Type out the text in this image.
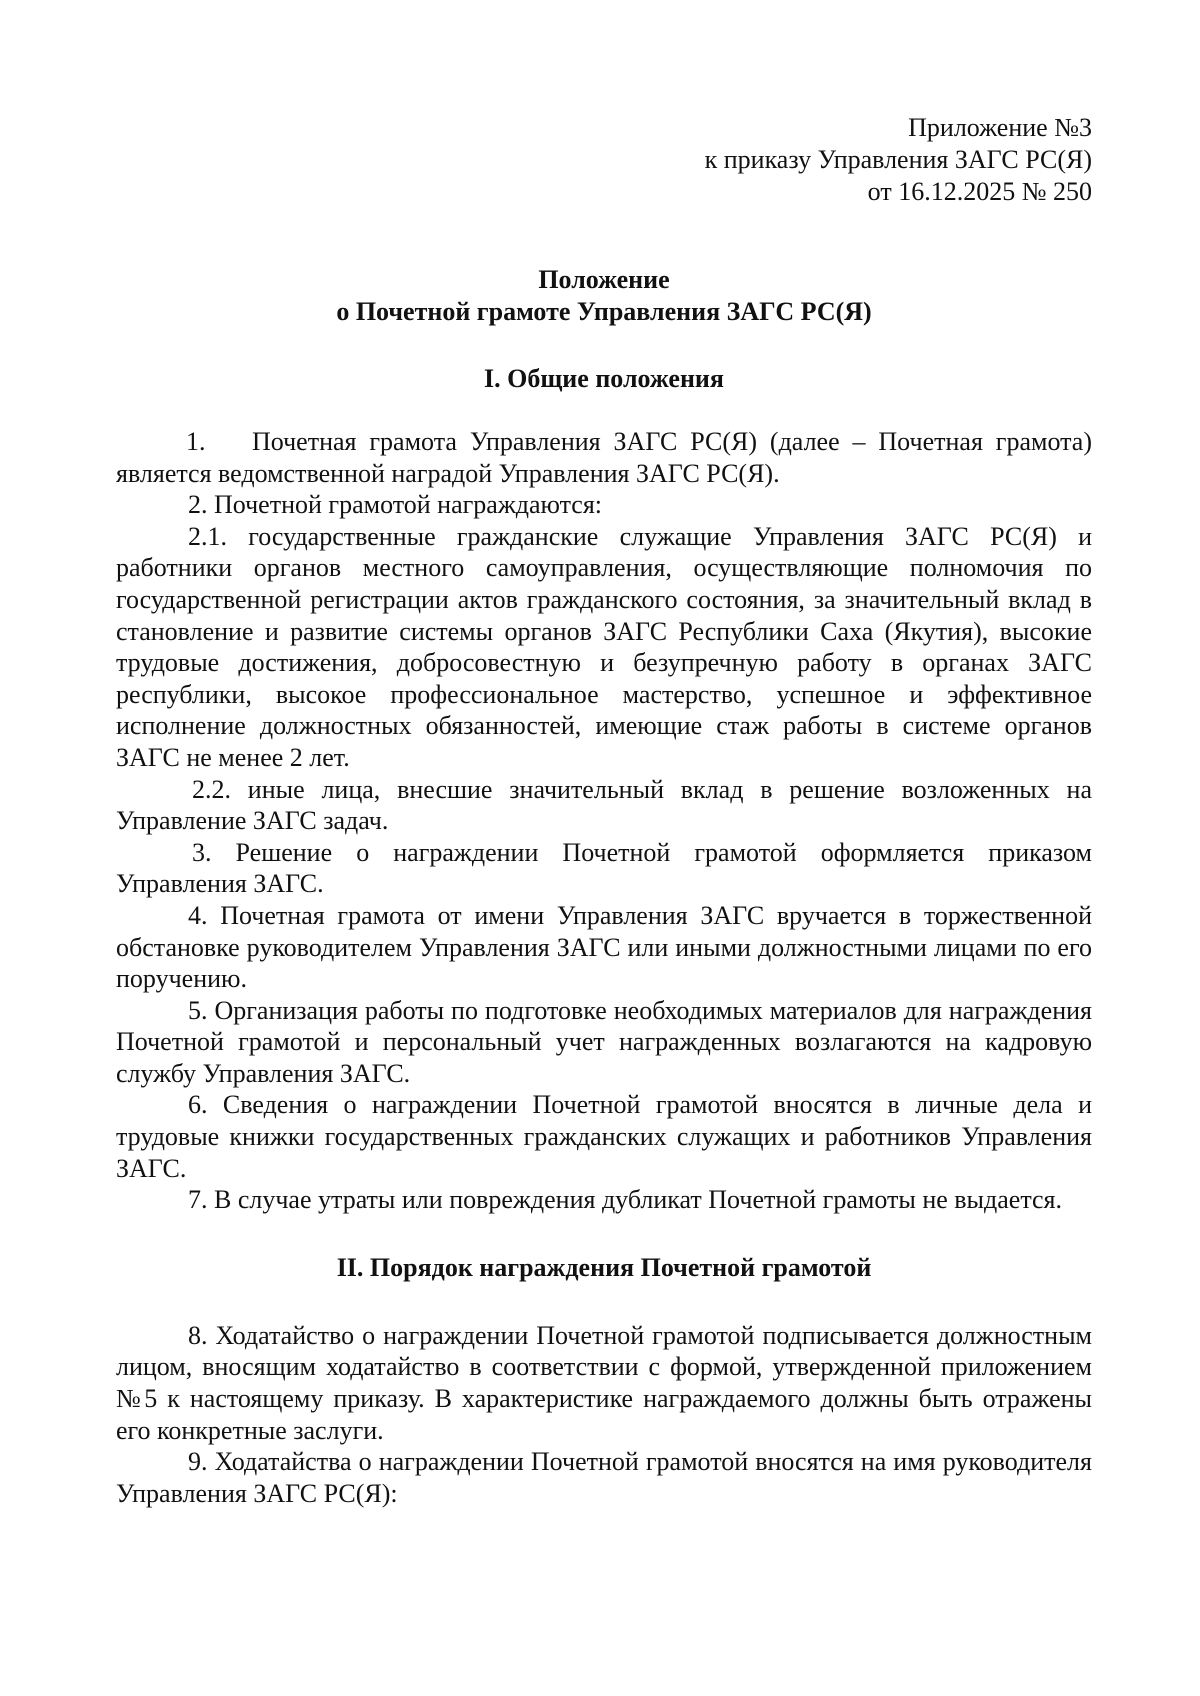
Приложение №3
к приказу Управления ЗАГС РС(Я)
от 16.12.2025 № 250
Положение
о Почетной грамоте Управления ЗАГС РС(Я)
I. Общие положения

1. Почетная грамота Управления ЗАГС РС(Я) (далее – Почетная грамота) является ведомственной наградой Управления ЗАГС РС(Я).

2. Почетной грамотой награждаются:

2.1. государственные гражданские служащие Управления ЗАГС РС(Я) и работники органов местного самоуправления, осуществляющие полномочия по государственной регистрации актов гражданского состояния, за значительный вклад в становление и развитие системы органов ЗАГС Республики Саха (Якутия), высокие трудовые достижения, добросовестную и безупречную работу в органах ЗАГС республики, высокое профессиональное мастерство, успешное и эффективное исполнение должностных обязанностей, имеющие стаж работы в системе органов ЗАГС не менее 2 лет.

2.2. иные лица, внесшие значительный вклад в решение возложенных на Управление ЗАГС задач.

3. Решение о награждении Почетной грамотой оформляется приказом Управления ЗАГС.

4. Почетная грамота от имени Управления ЗАГС вручается в торжественной обстановке руководителем Управления ЗАГС или иными должностными лицами по его поручению.

5. Организация работы по подготовке необходимых материалов для награждения Почетной грамотой и персональный учет награжденных возлагаются на кадровую службу Управления ЗАГС.

6. Сведения о награждении Почетной грамотой вносятся в личные дела и трудовые книжки государственных гражданских служащих и работников Управления ЗАГС.

7. В случае утраты или повреждения дубликат Почетной грамоты не выдается.

II. Порядок награждения Почетной грамотой

8. Ходатайство о награждении Почетной грамотой подписывается должностным лицом, вносящим ходатайство в соответствии с формой, утвержденной приложением №5 к настоящему приказу. В характеристике награждаемого должны быть отражены его конкретные заслуги.

9. Ходатайства о награждении Почетной грамотой вносятся на имя руководителя Управления ЗАГС РС(Я):
